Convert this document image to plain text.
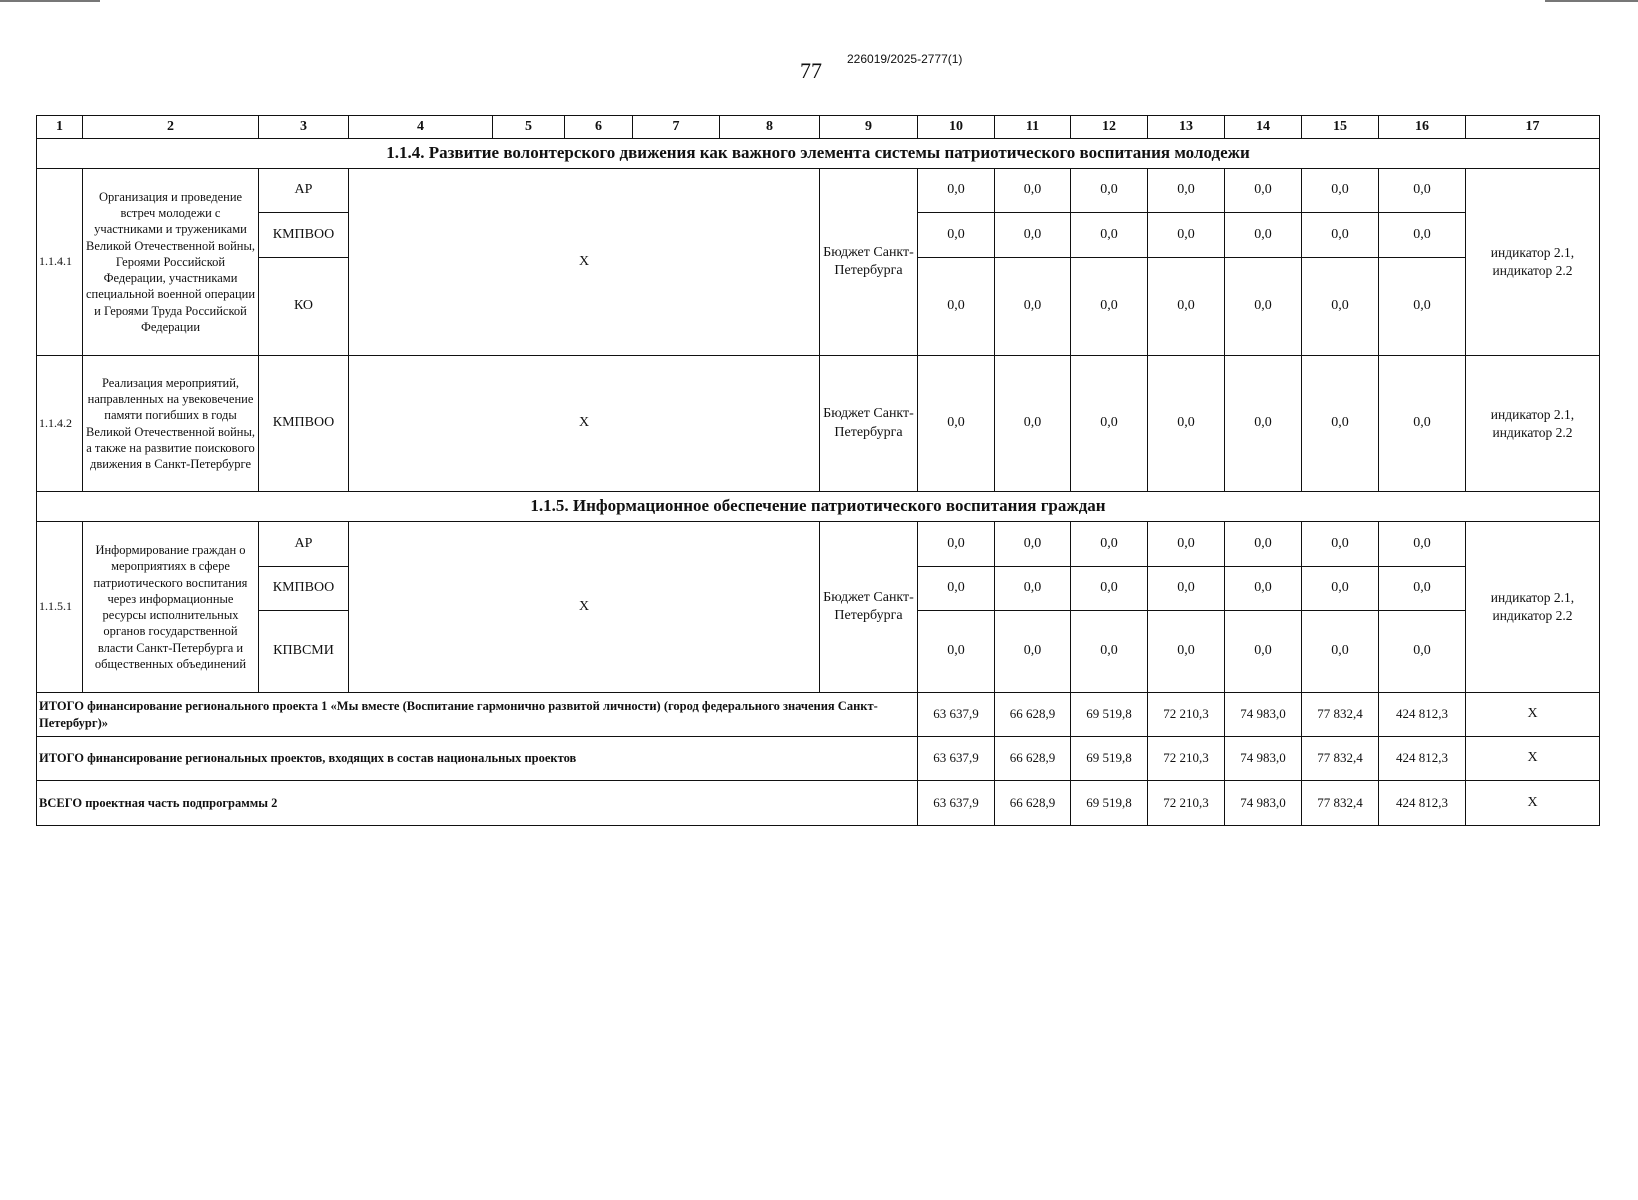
77 226019/2025-2777(1)
1	2	3	4	5	6	7	8	9	10	11	12	13	14	15	16	17
1.1.4. Развитие волонтерского движения как важного элемента системы патриотического воспитания молодежи																
1.1.4.1	Организация и проведение встреч молодежи с участниками и тружениками Великой Отечественной войны, Героями Российской Федерации, участниками специальной военной операции и Героями Труда Российской Федерации	АР	Х					Бюджет Санкт-Петербурга	0,0	0,0	0,0	0,0	0,0	0,0	0,0	индикатор 2.1, индикатор 2.2
		КМПВОО							0,0	0,0	0,0	0,0	0,0	0,0	0,0	
		КО							0,0	0,0	0,0	0,0	0,0	0,0	0,0	
1.1.4.2	Реализация мероприятий, направленных на увековечение памяти погибших в годы Великой Отечественной войны, а также на развитие поискового движения в Санкт-Петербурге	КМПВОО	Х					Бюджет Санкт-Петербурга	0,0	0,0	0,0	0,0	0,0	0,0	0,0	индикатор 2.1, индикатор 2.2
1.1.5. Информационное обеспечение патриотического воспитания граждан																
1.1.5.1	Информирование граждан о мероприятиях в сфере патриотического воспитания через информационные ресурсы исполнительных органов государственной власти Санкт-Петербурга и общественных объединений	АР	Х					Бюджет Санкт-Петербурга	0,0	0,0	0,0	0,0	0,0	0,0	0,0	индикатор 2.1, индикатор 2.2
		КМПВОО							0,0	0,0	0,0	0,0	0,0	0,0	0,0	
		КПВСМИ							0,0	0,0	0,0	0,0	0,0	0,0	0,0	
ИТОГО финансирование регионального проекта 1 «Мы вместе (Воспитание гармонично развитой личности) (город федерального значения Санкт-Петербург)»									63 637,9	66 628,9	69 519,8	72 210,3	74 983,0	77 832,4	424 812,3	Х
ИТОГО финансирование региональных проектов, входящих в состав национальных проектов									63 637,9	66 628,9	69 519,8	72 210,3	74 983,0	77 832,4	424 812,3	Х
ВСЕГО проектная часть подпрограммы 2									63 637,9	66 628,9	69 519,8	72 210,3	74 983,0	77 832,4	424 812,3	Х
